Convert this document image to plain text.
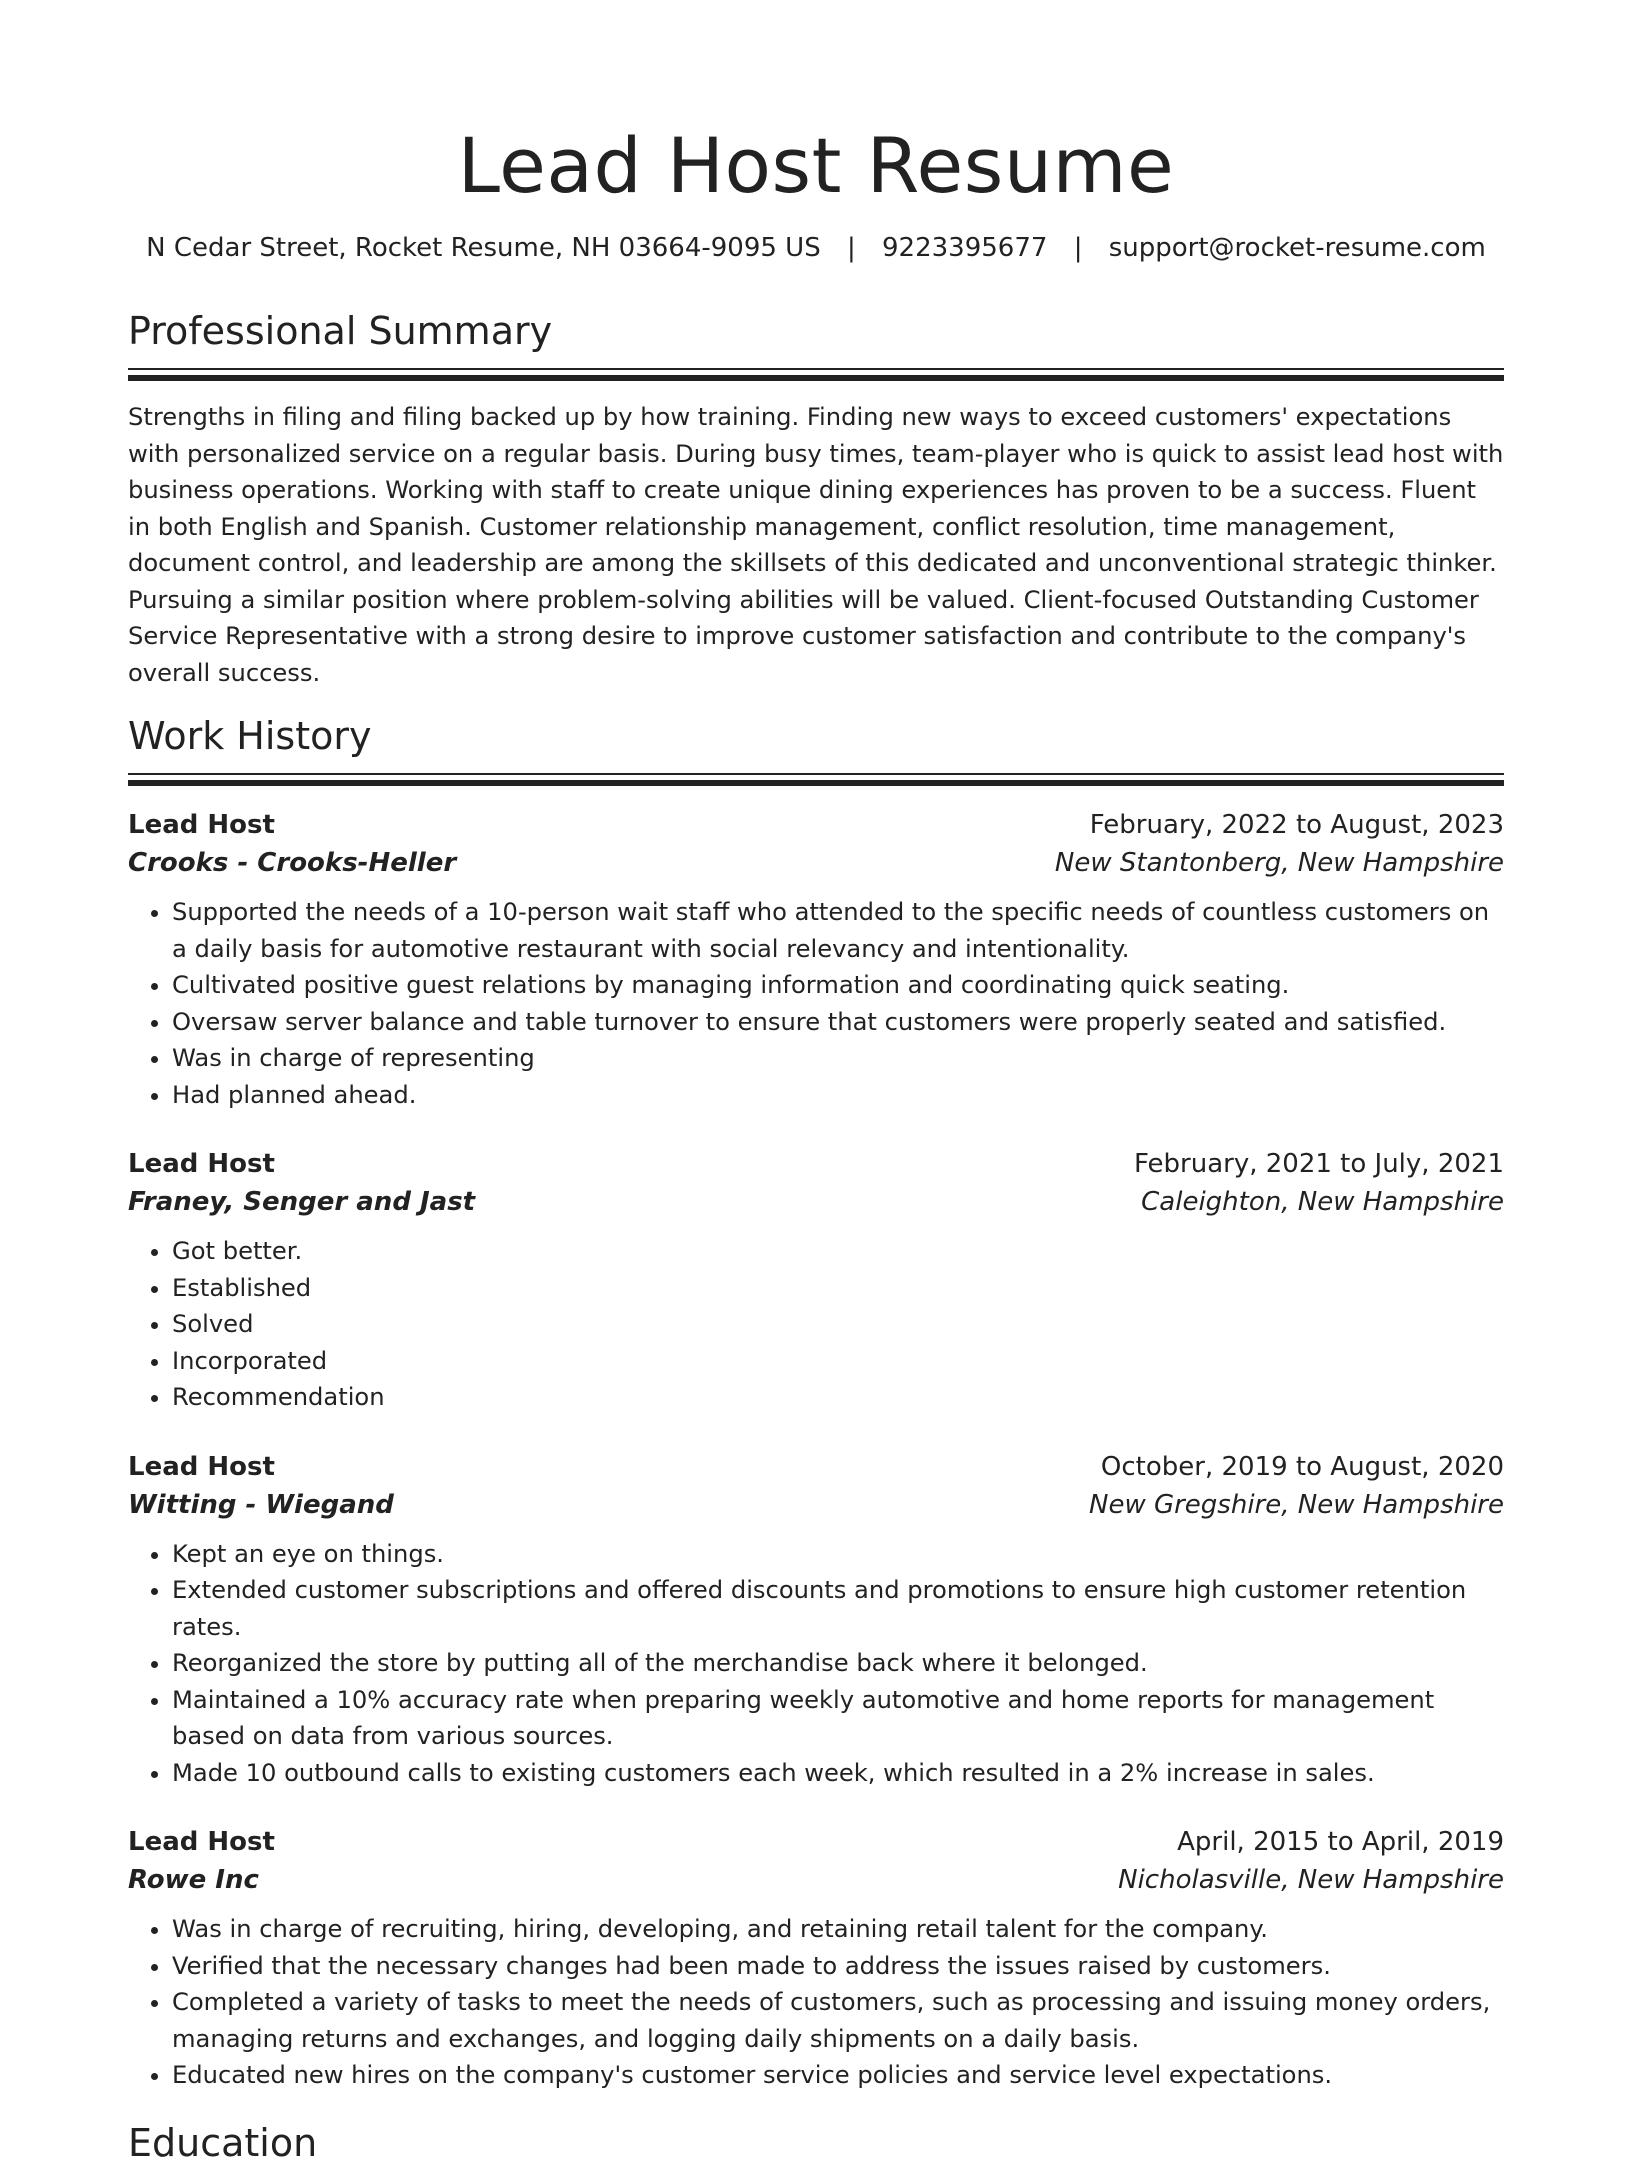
Lead Host Resume
N Cedar Street, Rocket Resume, NH 03664-9095 US | 9223395677 | support@rocket-resume.com
Professional Summary

Strengths in filing and filing backed up by how training. Finding new ways to exceed customers' expectations with personalized service on a regular basis. During busy times, team-player who is quick to assist lead host with business operations. Working with staff to create unique dining experiences has proven to be a success. Fluent in both English and Spanish. Customer relationship management, conflict resolution, time management, document control, and leadership are among the skillsets of this dedicated and unconventional strategic thinker. Pursuing a similar position where problem-solving abilities will be valued. Client-focused Outstanding Customer Service Representative with a strong desire to improve customer satisfaction and contribute to the company's overall success.

Work History
Lead Host	February, 2022 to August, 2023
Crooks - Crooks-Heller	New Stantonberg, New Hampshire
• Supported the needs of a 10-person wait staff who attended to the specific needs of countless customers on a daily basis for automotive restaurant with social relevancy and intentionality.
• Cultivated positive guest relations by managing information and coordinating quick seating.
• Oversaw server balance and table turnover to ensure that customers were properly seated and satisfied.
• Was in charge of representing
• Had planned ahead.
Lead Host	February, 2021 to July, 2021
Franey, Senger and Jast	Caleighton, New Hampshire
• Got better.
• Established
• Solved
• Incorporated
• Recommendation
Lead Host	October, 2019 to August, 2020
Witting - Wiegand	New Gregshire, New Hampshire
• Kept an eye on things.
• Extended customer subscriptions and offered discounts and promotions to ensure high customer retention rates.
• Reorganized the store by putting all of the merchandise back where it belonged.
• Maintained a 10% accuracy rate when preparing weekly automotive and home reports for management based on data from various sources.
• Made 10 outbound calls to existing customers each week, which resulted in a 2% increase in sales.
Lead Host	April, 2015 to April, 2019
Rowe Inc	Nicholasville, New Hampshire
• Was in charge of recruiting, hiring, developing, and retaining retail talent for the company.
• Verified that the necessary changes had been made to address the issues raised by customers.
• Completed a variety of tasks to meet the needs of customers, such as processing and issuing money orders, managing returns and exchanges, and logging daily shipments on a daily basis.
• Educated new hires on the company's customer service policies and service level expectations.
Education
